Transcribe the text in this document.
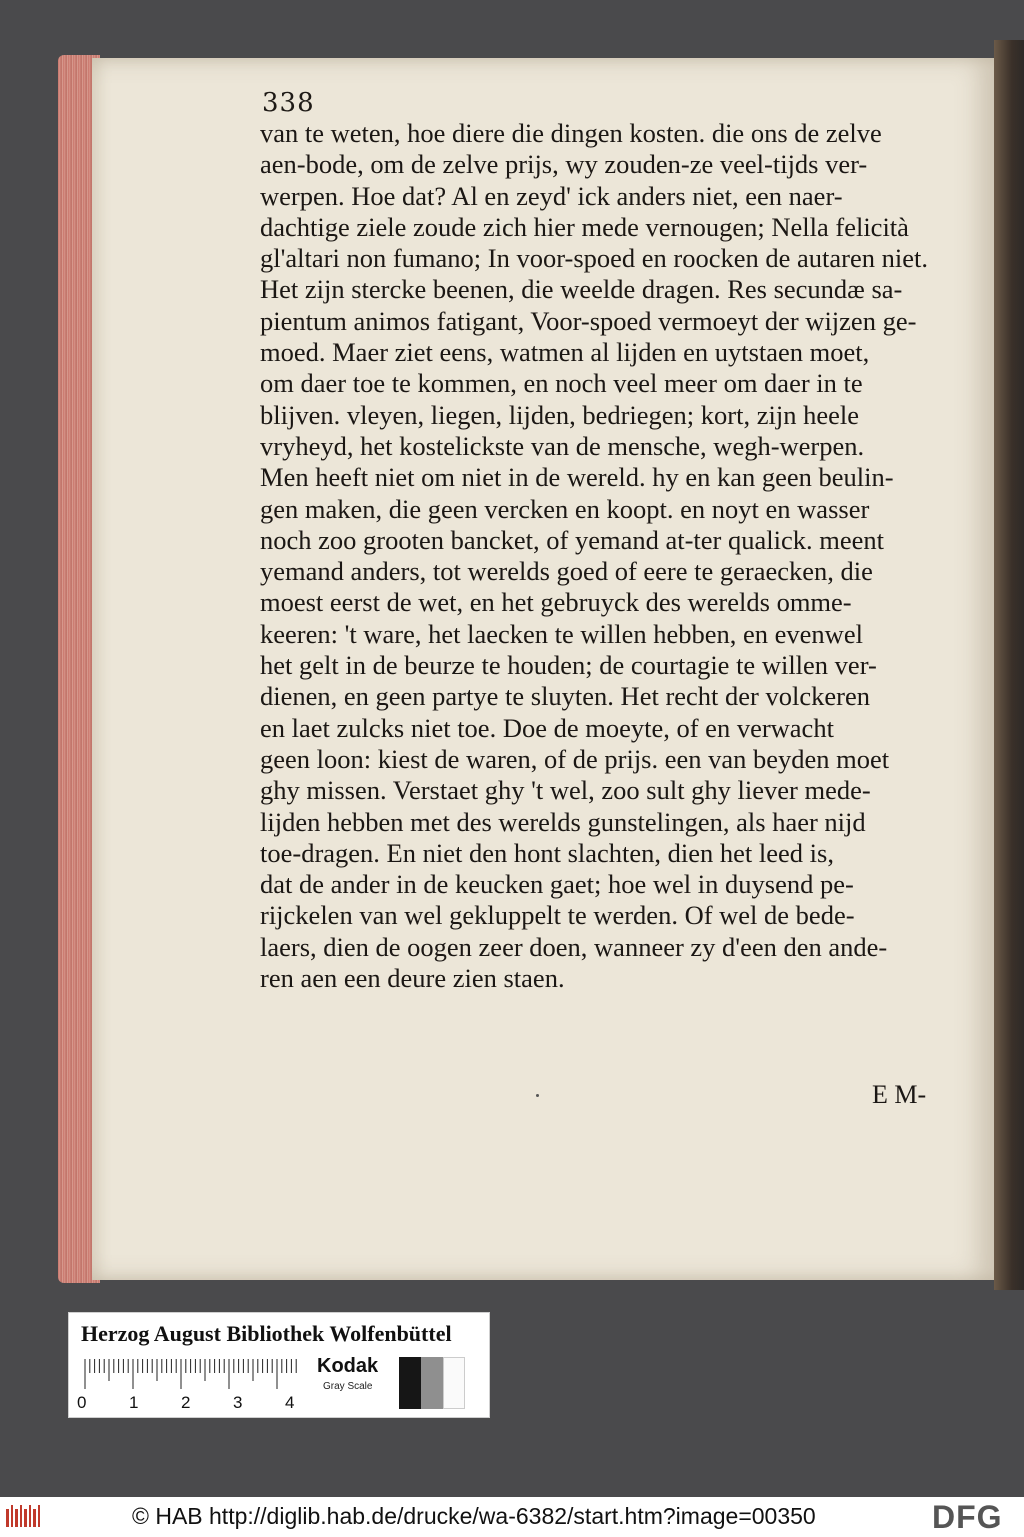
338
van te weten, hoe diere die dingen kosten. die ons de zelve
aen-bode, om de zelve prijs, wy zouden-ze veel-tijds ver-
werpen. Hoe dat? Al en zeyd' ick anders niet, een naer-
dachtige ziele zoude zich hier mede vernougen; Nella felicità
gl'altari non fumano; In voor-spoed en roocken de autaren niet.
Het zijn stercke beenen, die weelde dragen. Res secundæ sa-
pientum animos fatigant, Voor-spoed vermoeyt der wijzen ge-
moed. Maer ziet eens, watmen al lijden en uytstaen moet,
om daer toe te kommen, en noch veel meer om daer in te
blijven. vleyen, liegen, lijden, bedriegen; kort, zijn heele
vryheyd, het kostelickste van de mensche, wegh-werpen.
Men heeft niet om niet in de wereld. hy en kan geen beulin-
gen maken, die geen vercken en koopt. en noyt en wasser
noch zoo grooten bancket, of yemand at-ter qualick. meent
yemand anders, tot werelds goed of eere te geraecken, die
moest eerst de wet, en het gebruyck des werelds omme-
keeren: 't ware, het laecken te willen hebben, en evenwel
het gelt in de beurze te houden; de courtagie te willen ver-
dienen, en geen partye te sluyten. Het recht der volckeren
en laet zulcks niet toe. Doe de moeyte, of en verwacht
geen loon: kiest de waren, of de prijs. een van beyden moet
ghy missen. Verstaet ghy 't wel, zoo sult ghy liever mede-
lijden hebben met des werelds gunstelingen, als haer nijd
toe-dragen. En niet den hont slachten, dien het leed is,
dat de ander in de keucken gaet; hoe wel in duysend pe-
rijckelen van wel gekluppelt te werden. Of wel de bede-
laers, dien de oogen zeer doen, wanneer zy d'een den ande-
ren aen een deure zien staen.
E M-
Herzog August Bibliothek Wolfenbüttel
0	1	2	3	4
Kodak
Gray Scale
© HAB http://diglib.hab.de/drucke/wa-6382/start.htm?image=00350	DFG
